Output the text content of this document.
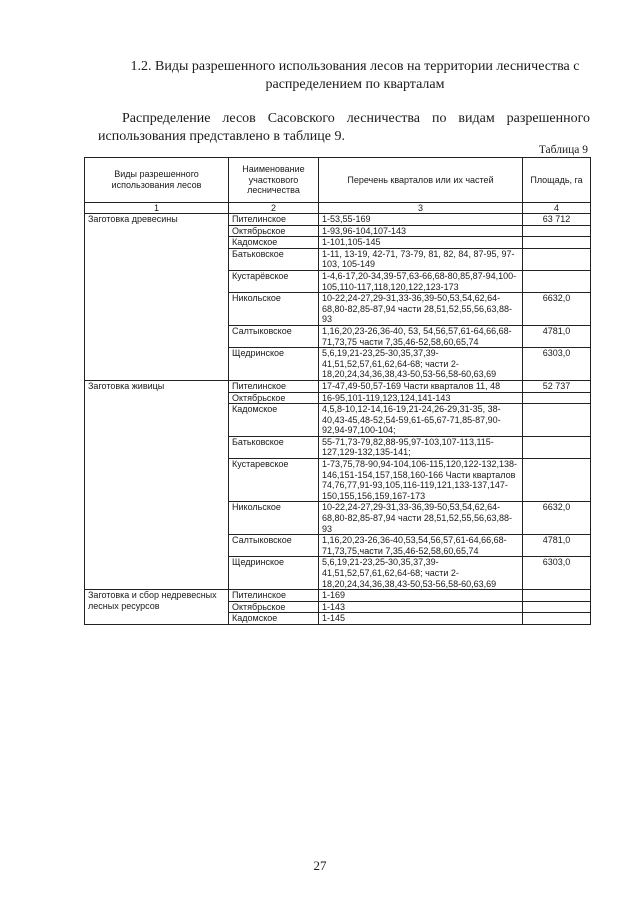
1.2. Виды разрешенного использования лесов на территории лесничества с распределением по кварталам
Распределение лесов Сасовского лесничества по видам разрешенного использования представлено в таблице 9.
Таблица 9
Виды разрешенного использования лесов	Наименование участкового лесничества	Перечень кварталов или их частей	Площадь, га
1	2	3	4
Заготовка древесины	Пителинское	1-53,55-169	63 712
	Октябрьское	1-93,96-104,107-143	
	Кадомское	1-101,105-145	
	Батьковское	1-11, 13-19, 42-71, 73-79, 81, 82, 84, 87-95, 97-103, 105-149	
	Кустарёвское	1-4,6-17,20-34,39-57,63-66,68-80,85,87-94,100-105,110-117,118,120,122,123-173	
	Никольское	10-22,24-27,29-31,33-36,39-50,53,54,62,64-68,80-82,85-87,94 части 28,51,52,55,56,63,88-93	6632,0
	Салтыковское	1,16,20,23-26,36-40, 53, 54,56,57,61-64,66,68-71,73,75 части 7,35,46-52,58,60,65,74	4781,0
	Щедринское	5,6,19,21-23,25-30,35,37,39-41,51,52,57,61,62,64-68; части 2-18,20,24,34,36,38,43-50,53-56,58-60,63,69	6303,0
Заготовка живицы	Пителинское	17-47,49-50,57-169 Части кварталов 11, 48	52 737
	Октябрьское	16-95,101-119,123,124,141-143	
	Кадомское	4,5,8-10,12-14,16-19,21-24,26-29,31-35, 38-40,43-45,48-52,54-59,61-65,67-71,85-87,90-92,94-97,100-104;	
	Батьковское	55-71,73-79,82,88-95,97-103,107-113,115-127,129-132,135-141;	
	Кустаревское	1-73,75,78-90,94-104,106-115,120,122-132,138-146,151-154,157,158,160-166 Части кварталов 74,76,77,91-93,105,116-119,121,133-137,147-150,155,156,159,167-173	
	Никольское	10-22,24-27,29-31,33-36,39-50,53,54,62,64-68,80-82,85-87,94 части 28,51,52,55,56,63,88-93	6632,0
	Салтыковское	1,16,20,23-26,36-40,53,54,56,57,61-64,66,68-71,73,75,части 7,35,46-52,58,60,65,74	4781,0
	Щедринское	5,6,19,21-23,25-30,35,37,39-41,51,52,57,61,62,64-68; части 2-18,20,24,34,36,38,43-50,53-56,58-60,63,69	6303,0
Заготовка и сбор недревесных лесных ресурсов	Пителинское	1-169	
	Октябрьское	1-143	
	Кадомское	1-145	
27
